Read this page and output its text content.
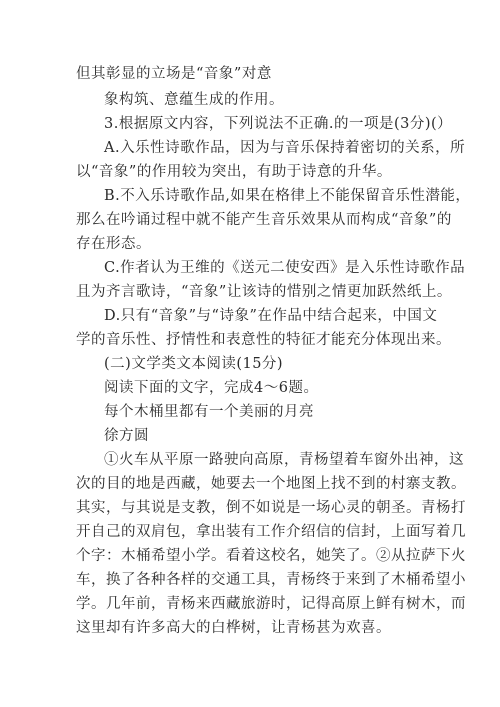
但其彰显的立场是“音象”对意
象构筑、意蕴生成的作用。
3.根据原文内容，下列说法不正确.的一项是(3分)(）
A.入乐性诗歌作品，因为与音乐保持着密切的关系，所
以“音象”的作用较为突出，有助于诗意的升华。
B.不入乐诗歌作品,如果在格律上不能保留音乐性潜能，
那么在吟诵过程中就不能产生音乐效果从而构成“音象”的
存在形态。
C.作者认为王维的《送元二使安西》是入乐性诗歌作品
且为齐言歌诗，“音象”让该诗的惜别之情更加跃然纸上。
D.只有“音象”与“诗象”在作品中结合起来，中国文
学的音乐性、抒情性和表意性的特征才能充分体现出来。
(二)文学类文本阅读(15分)
阅读下面的文字，完成4～6题。
每个木桶里都有一个美丽的月亮
徐方圆
①火车从平原一路驶向高原，青杨望着车窗外出神，这
次的目的地是西藏，她要去一个地图上找不到的村寨支教。
其实，与其说是支教，倒不如说是一场心灵的朝圣。青杨打
开自己的双肩包，拿出装有工作介绍信的信封，上面写着几
个字：木桶希望小学。看着这校名，她笑了。②从拉萨下火
车，换了各种各样的交通工具，青杨终于来到了木桶希望小
学。几年前，青杨来西藏旅游时，记得高原上鲜有树木，而
这里却有许多高大的白桦树，让青杨甚为欢喜。
